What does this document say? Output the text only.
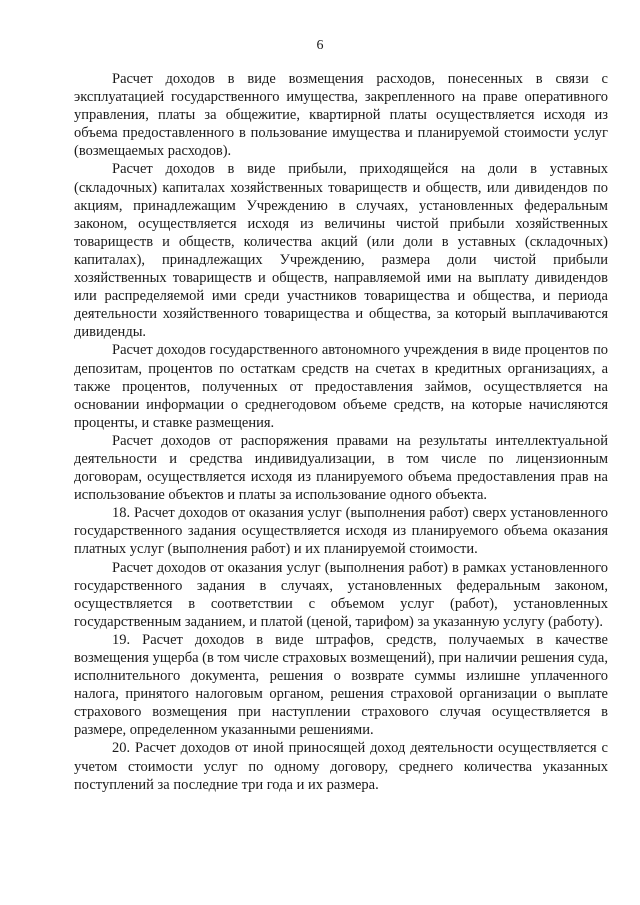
6

Расчет доходов в виде возмещения расходов, понесенных в связи с эксплуатацией государственного имущества, закрепленного на праве оперативного управления, платы за общежитие, квартирной платы осуществляется исходя из объема предоставленного в пользование имущества и планируемой стоимости услуг (возмещаемых расходов).

Расчет доходов в виде прибыли, приходящейся на доли в уставных (складочных) капиталах хозяйственных товариществ и обществ, или дивидендов по акциям, принадлежащим Учреждению в случаях, установленных федеральным законом, осуществляется исходя из величины чистой прибыли хозяйственных товариществ и обществ, количества акций (или доли в уставных (складочных) капиталах), принадлежащих Учреждению, размера доли чистой прибыли хозяйственных товариществ и обществ, направляемой ими на выплату дивидендов или распределяемой ими среди участников товарищества и общества, и периода деятельности хозяйственного товарищества и общества, за который выплачиваются дивиденды.

Расчет доходов государственного автономного учреждения в виде процентов по депозитам, процентов по остаткам средств на счетах в кредитных организациях, а также процентов, полученных от предоставления займов, осуществляется на основании информации о среднегодовом объеме средств, на которые начисляются проценты, и ставке размещения.

Расчет доходов от распоряжения правами на результаты интеллектуальной деятельности и средства индивидуализации, в том числе по лицензионным договорам, осуществляется исходя из планируемого объема предоставления прав на использование объектов и платы за использование одного объекта.

18. Расчет доходов от оказания услуг (выполнения работ) сверх установленного государственного задания осуществляется исходя из планируемого объема оказания платных услуг (выполнения работ) и их планируемой стоимости.

Расчет доходов от оказания услуг (выполнения работ) в рамках установленного государственного задания в случаях, установленных федеральным законом, осуществляется в соответствии с объемом услуг (работ), установленных государственным заданием, и платой (ценой, тарифом) за указанную услугу (работу).

19. Расчет доходов в виде штрафов, средств, получаемых в качестве возмещения ущерба (в том числе страховых возмещений), при наличии решения суда, исполнительного документа, решения о возврате суммы излишне уплаченного налога, принятого налоговым органом, решения страховой организации о выплате страхового возмещения при наступлении страхового случая осуществляется в размере, определенном указанными решениями.

20. Расчет доходов от иной приносящей доход деятельности осуществляется с учетом стоимости услуг по одному договору, среднего количества указанных поступлений за последние три года и их размера.
